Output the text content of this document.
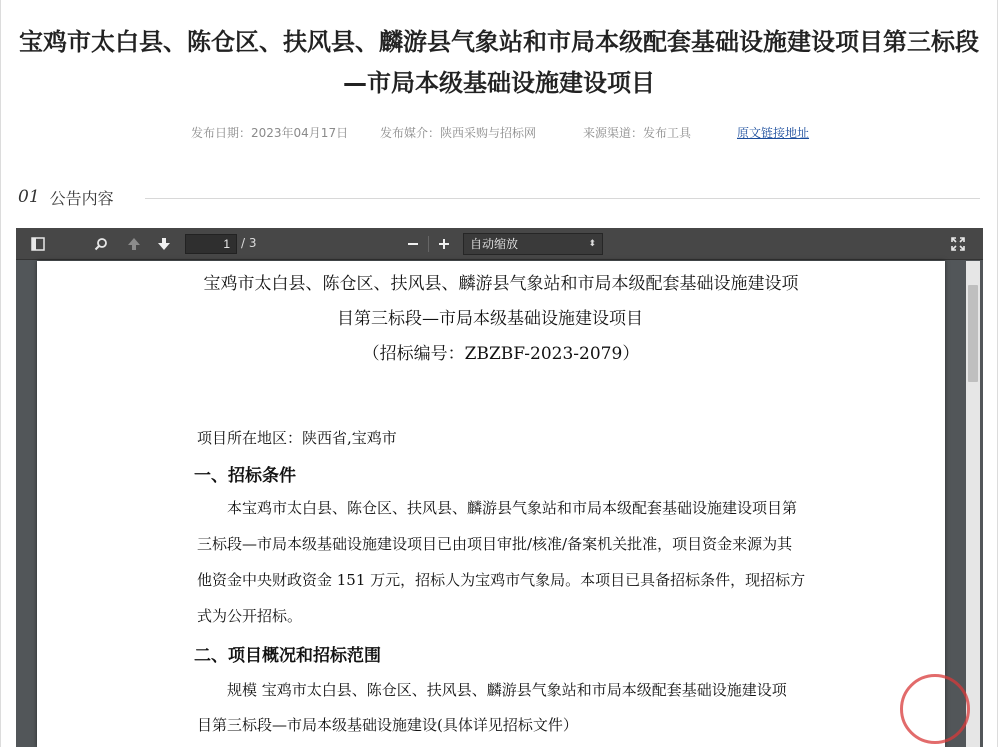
宝鸡市太白县、陈仓区、扶风县、麟游县气象站和市局本级配套基础设施建设项目第三标段—市局本级基础设施建设项目
发布日期：2023年04月17日	发布媒介：陕西采购与招标网	来源渠道：发布工具	原文链接地址
01 公告内容
1 / 3	自动缩放	⬍
宝鸡市太白县、陈仓区、扶风县、麟游县气象站和市局本级配套基础设施建设项
目第三标段—市局本级基础设施建设项目
（招标编号：ZBZBF-2023-2079）
项目所在地区：陕西省,宝鸡市
一、招标条件
本宝鸡市太白县、陈仓区、扶风县、麟游县气象站和市局本级配套基础设施建设项目第
三标段—市局本级基础设施建设项目已由项目审批/核准/备案机关批准，项目资金来源为其
他资金中央财政资金 151 万元，招标人为宝鸡市气象局。本项目已具备招标条件，现招标方
式为公开招标。
二、项目概况和招标范围
规模 宝鸡市太白县、陈仓区、扶风县、麟游县气象站和市局本级配套基础设施建设项
目第三标段—市局本级基础设施建设(具体详见招标文件）
